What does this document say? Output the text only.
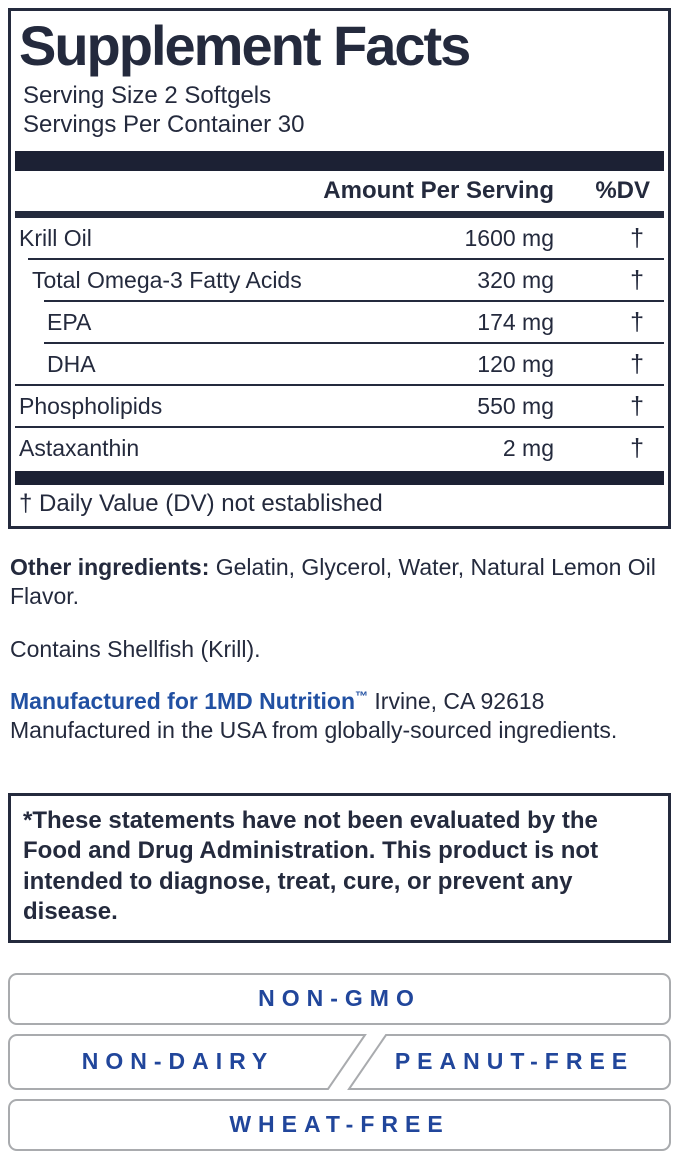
Supplement Facts

Serving Size 2 Softgels

Servings Per Container 30

Amount Per Serving	%DV
Krill Oil	1600 mg	†
Total Omega-3 Fatty Acids	320 mg	†
EPA	174 mg	†
DHA	120 mg	†
Phospholipids	550 mg	†
Astaxanthin	2 mg	†

† Daily Value (DV) not established

Other ingredients: Gelatin, Glycerol, Water, Natural Lemon Oil Flavor.

Contains Shellfish (Krill).

Manufactured for 1MD Nutrition™ Irvine, CA 92618
Manufactured in the USA from globally-sourced ingredients.

*These statements have not been evaluated by the Food and Drug Administration. This product is not intended to diagnose, treat, cure, or prevent any disease.
NON-GMO
NON-DAIRY	PEANUT-FREE
WHEAT-FREE
